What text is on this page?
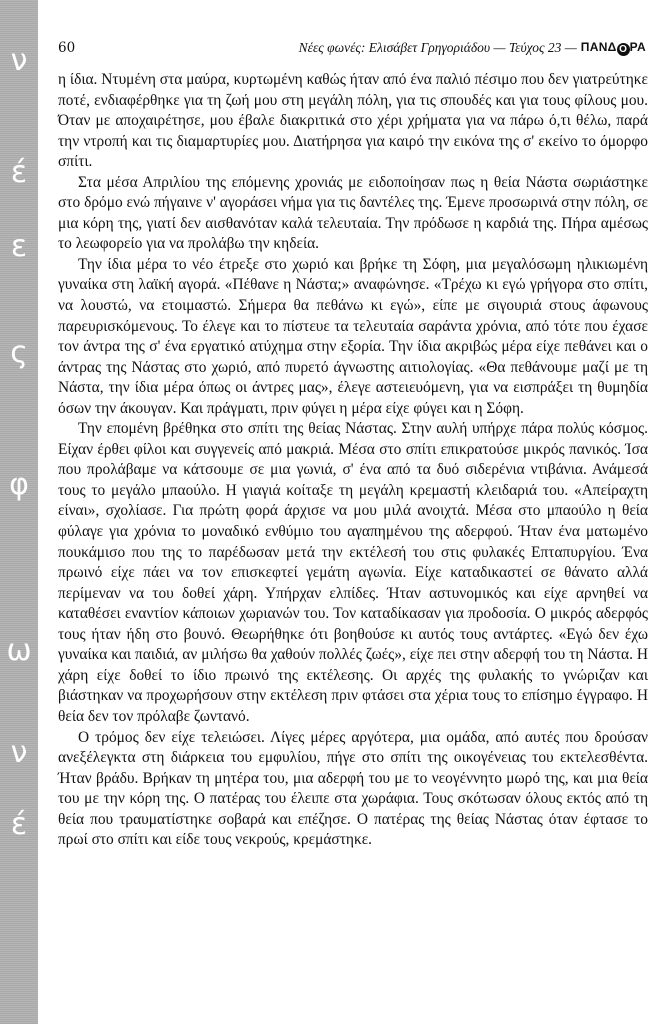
ν
έ
ε
ς
φ
ω
ν
έ
60	Νέες φωνές: Ελισάβετ Γρηγοριάδου — Τεύχος 23 — ΠΑΝΔ Ο ΡΑ

η ίδια. Ντυμένη στα μαύρα, κυρτωμένη καθώς ήταν από ένα παλιό πέσιμο που δεν γιατρεύτηκε ποτέ, ενδιαφέρθηκε για τη ζωή μου στη μεγάλη πόλη, για τις σπουδές και για τους φίλους μου. Όταν με αποχαιρέτησε, μου έβαλε διακριτικά στο χέρι χρήματα για να πάρω ό,τι θέλω, παρά την ντροπή και τις διαμαρτυρίες μου. Διατήρησα για καιρό την εικόνα της σ' εκείνο το όμορφο σπίτι.

Στα μέσα Απριλίου της επόμενης χρονιάς με ειδοποίησαν πως η θεία Νάστα σωριάστηκε στο δρόμο ενώ πήγαινε ν' αγοράσει νήμα για τις δαντέλες της. Έμενε προσωρινά στην πόλη, σε μια κόρη της, γιατί δεν αισθανόταν καλά τελευταία. Την πρόδωσε η καρδιά της. Πήρα αμέσως το λεωφορείο για να προλάβω την κηδεία.

Την ίδια μέρα το νέο έτρεξε στο χωριό και βρήκε τη Σόφη, μια μεγαλόσωμη ηλικιωμένη γυναίκα στη λαϊκή αγορά. «Πέθανε η Νάστα;» αναφώνησε. «Τρέχω κι εγώ γρήγορα στο σπίτι, να λουστώ, να ετοιμαστώ. Σήμερα θα πεθάνω κι εγώ», είπε με σιγουριά στους άφωνους παρευρισκόμενους. Το έλεγε και το πίστευε τα τελευταία σαράντα χρόνια, από τότε που έχασε τον άντρα της σ' ένα εργατικό ατύχημα στην εξορία. Την ίδια ακριβώς μέρα είχε πεθάνει και ο άντρας της Νάστας στο χωριό, από πυρετό άγνωστης αιτιολογίας. «Θα πεθάνουμε μαζί με τη Νάστα, την ίδια μέρα όπως οι άντρες μας», έλεγε αστειευόμενη, για να εισπράξει τη θυμηδία όσων την άκουγαν. Και πράγματι, πριν φύγει η μέρα είχε φύγει και η Σόφη.

Την επομένη βρέθηκα στο σπίτι της θείας Νάστας. Στην αυλή υπήρχε πάρα πολύς κόσμος. Είχαν έρθει φίλοι και συγγενείς από μακριά. Μέσα στο σπίτι επικρατούσε μικρός πανικός. Ίσα που προλάβαμε να κάτσουμε σε μια γωνιά, σ' ένα από τα δυό σιδερένια ντιβάνια. Ανάμεσά τους το μεγάλο μπαούλο. Η γιαγιά κοίταξε τη μεγάλη κρεμαστή κλειδαριά του. «Απείραχτη είναι», σχολίασε. Για πρώτη φορά άρχισε να μου μιλά ανοιχτά. Μέσα στο μπαούλο η θεία φύλαγε για χρόνια το μοναδικό ενθύμιο του αγαπημένου της αδερφού. Ήταν ένα ματωμένο πουκάμισο που της το παρέδωσαν μετά την εκτέλεσή του στις φυλακές Επταπυργίου. Ένα πρωινό είχε πάει να τον επισκεφτεί γεμάτη αγωνία. Είχε καταδικαστεί σε θάνατο αλλά περίμεναν να του δοθεί χάρη. Υπήρχαν ελπίδες. Ήταν αστυνομικός και είχε αρνηθεί να καταθέσει εναντίον κάποιων χωριανών του. Τον καταδίκασαν για προδοσία. Ο μικρός αδερφός τους ήταν ήδη στο βουνό. Θεωρήθηκε ότι βοηθούσε κι αυτός τους αντάρτες. «Εγώ δεν έχω γυναίκα και παιδιά, αν μιλήσω θα χαθούν πολλές ζωές», είχε πει στην αδερφή του τη Νάστα. Η χάρη είχε δοθεί το ίδιο πρωινό της εκτέλεσης. Οι αρχές της φυλακής το γνώριζαν και βιάστηκαν να προχωρήσουν στην εκτέλεση πριν φτάσει στα χέρια τους το επίσημο έγγραφο. Η θεία δεν τον πρόλαβε ζωντανό.

Ο τρόμος δεν είχε τελειώσει. Λίγες μέρες αργότερα, μια ομάδα, από αυτές που δρούσαν ανεξέλεγκτα στη διάρκεια του εμφυλίου, πήγε στο σπίτι της οικογένειας του εκτελεσθέντα. Ήταν βράδυ. Βρήκαν τη μητέρα του, μια αδερφή του με το νεογέννητο μωρό της, και μια θεία του με την κόρη της. Ο πατέρας του έλειπε στα χωράφια. Τους σκότωσαν όλους εκτός από τη θεία που τραυματίστηκε σοβαρά και επέζησε. Ο πατέρας της θείας Νάστας όταν έφτασε το πρωί στο σπίτι και είδε τους νεκρούς, κρεμάστηκε.
